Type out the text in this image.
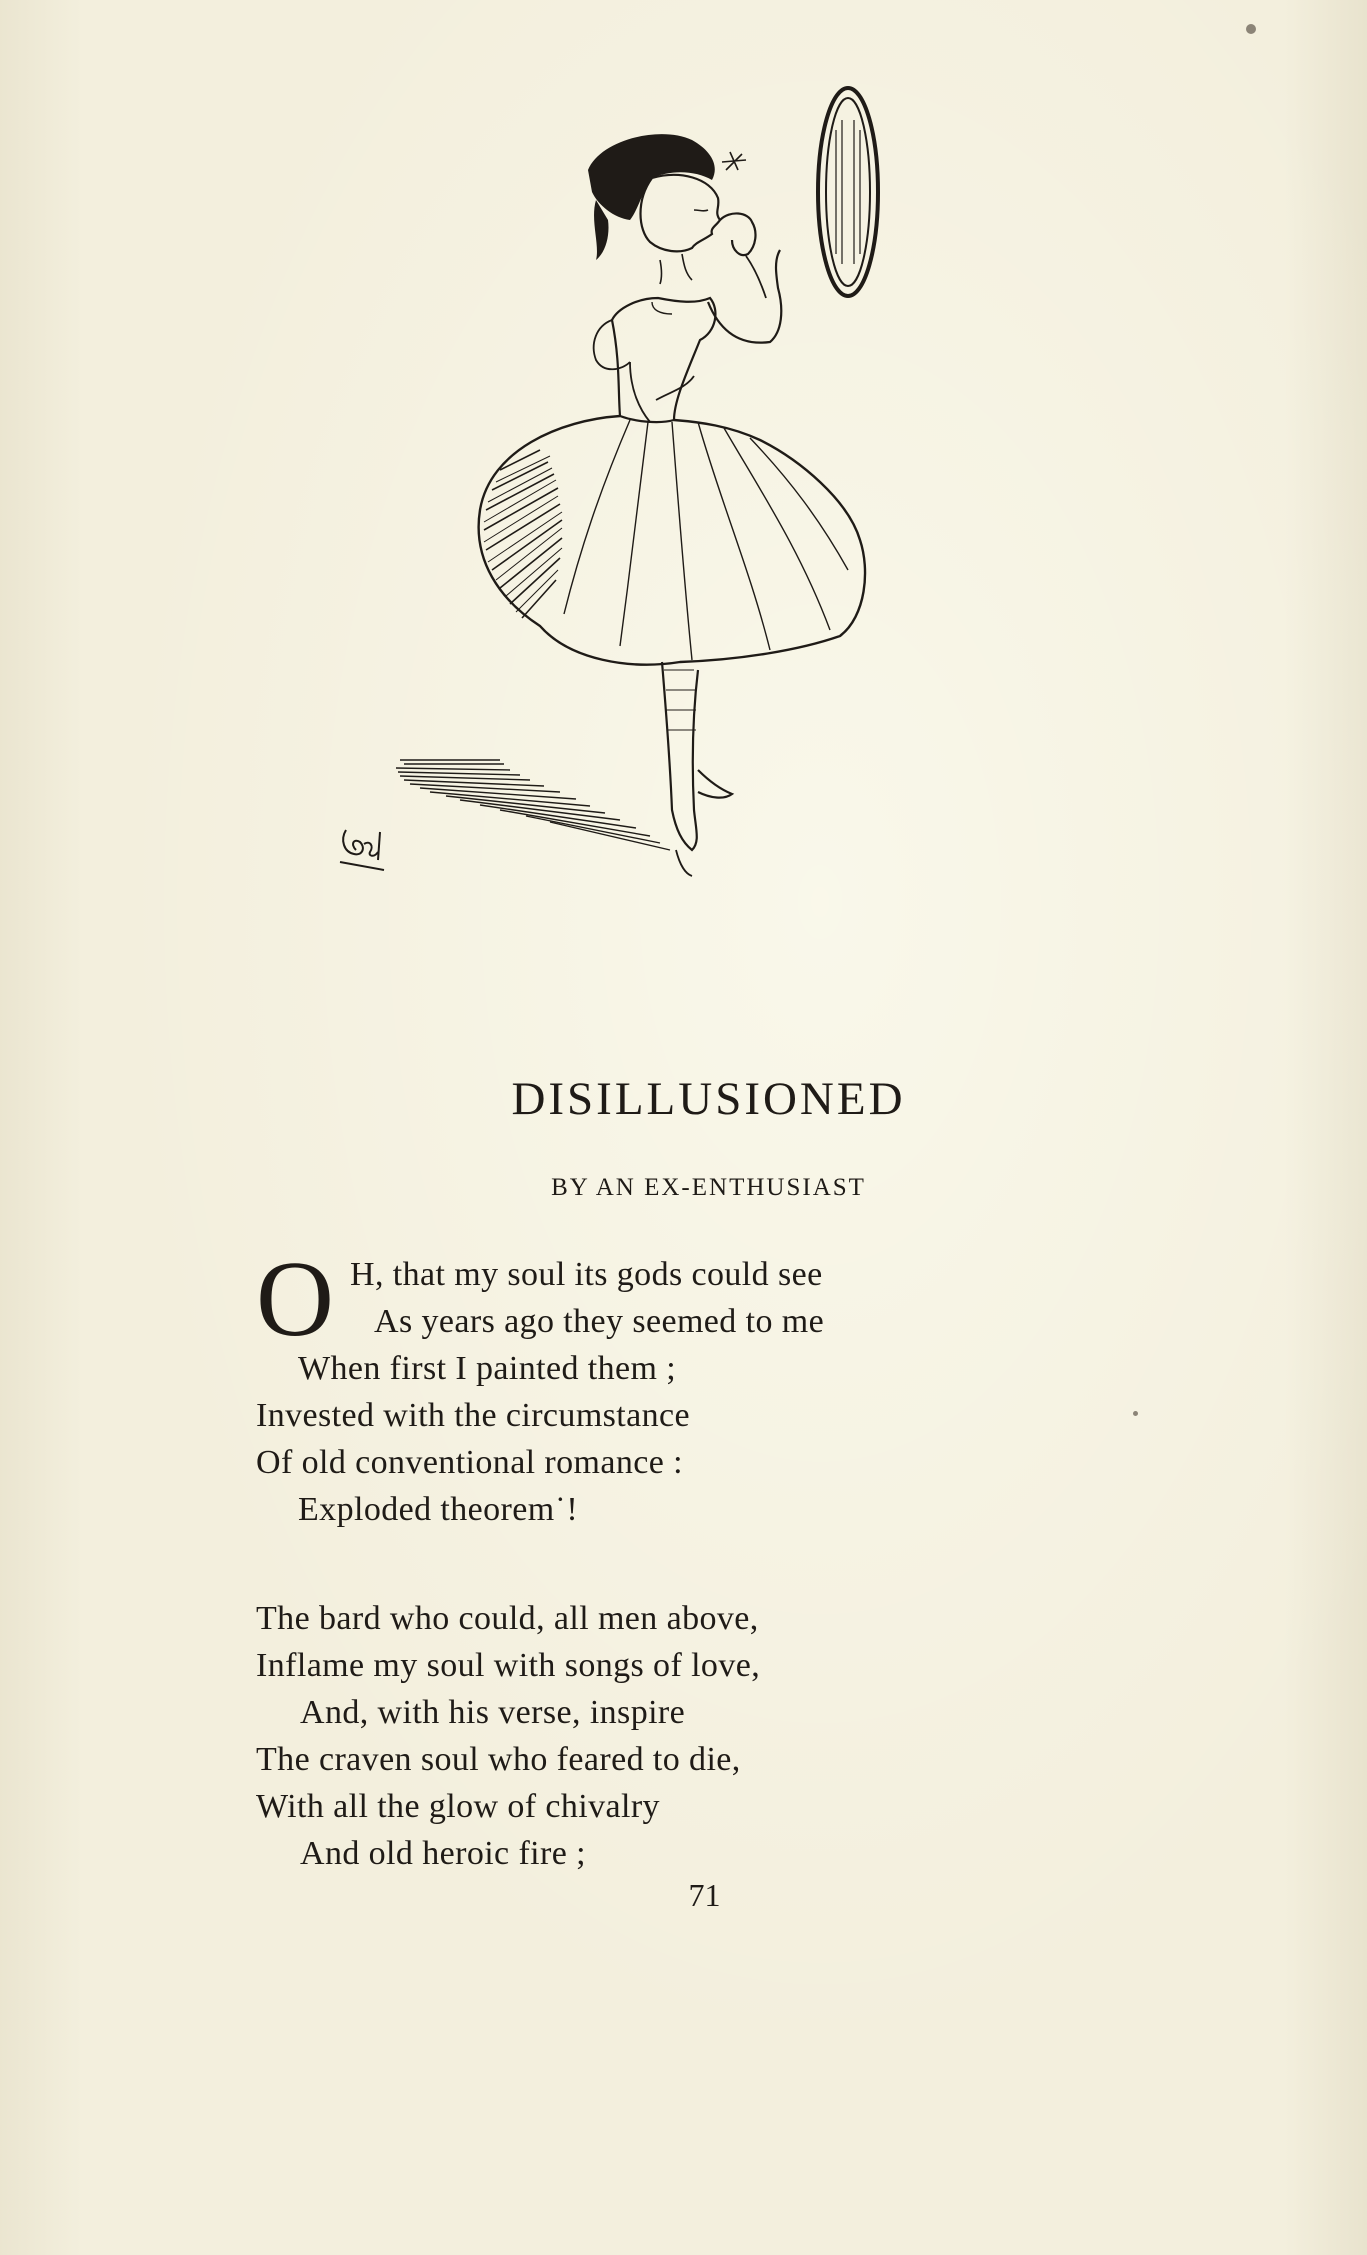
DISILLUSIONED
BY AN EX-ENTHUSIAST
O H, that my soul its gods could see
As years ago they seemed to me
When first I painted them ;
Invested with the circumstance
Of old conventional romance :
Exploded theorem˙!
The bard who could, all men above,
Inflame my soul with songs of love,
And, with his verse, inspire
The craven soul who feared to die,
With all the glow of chivalry
And old heroic fire ;
71
